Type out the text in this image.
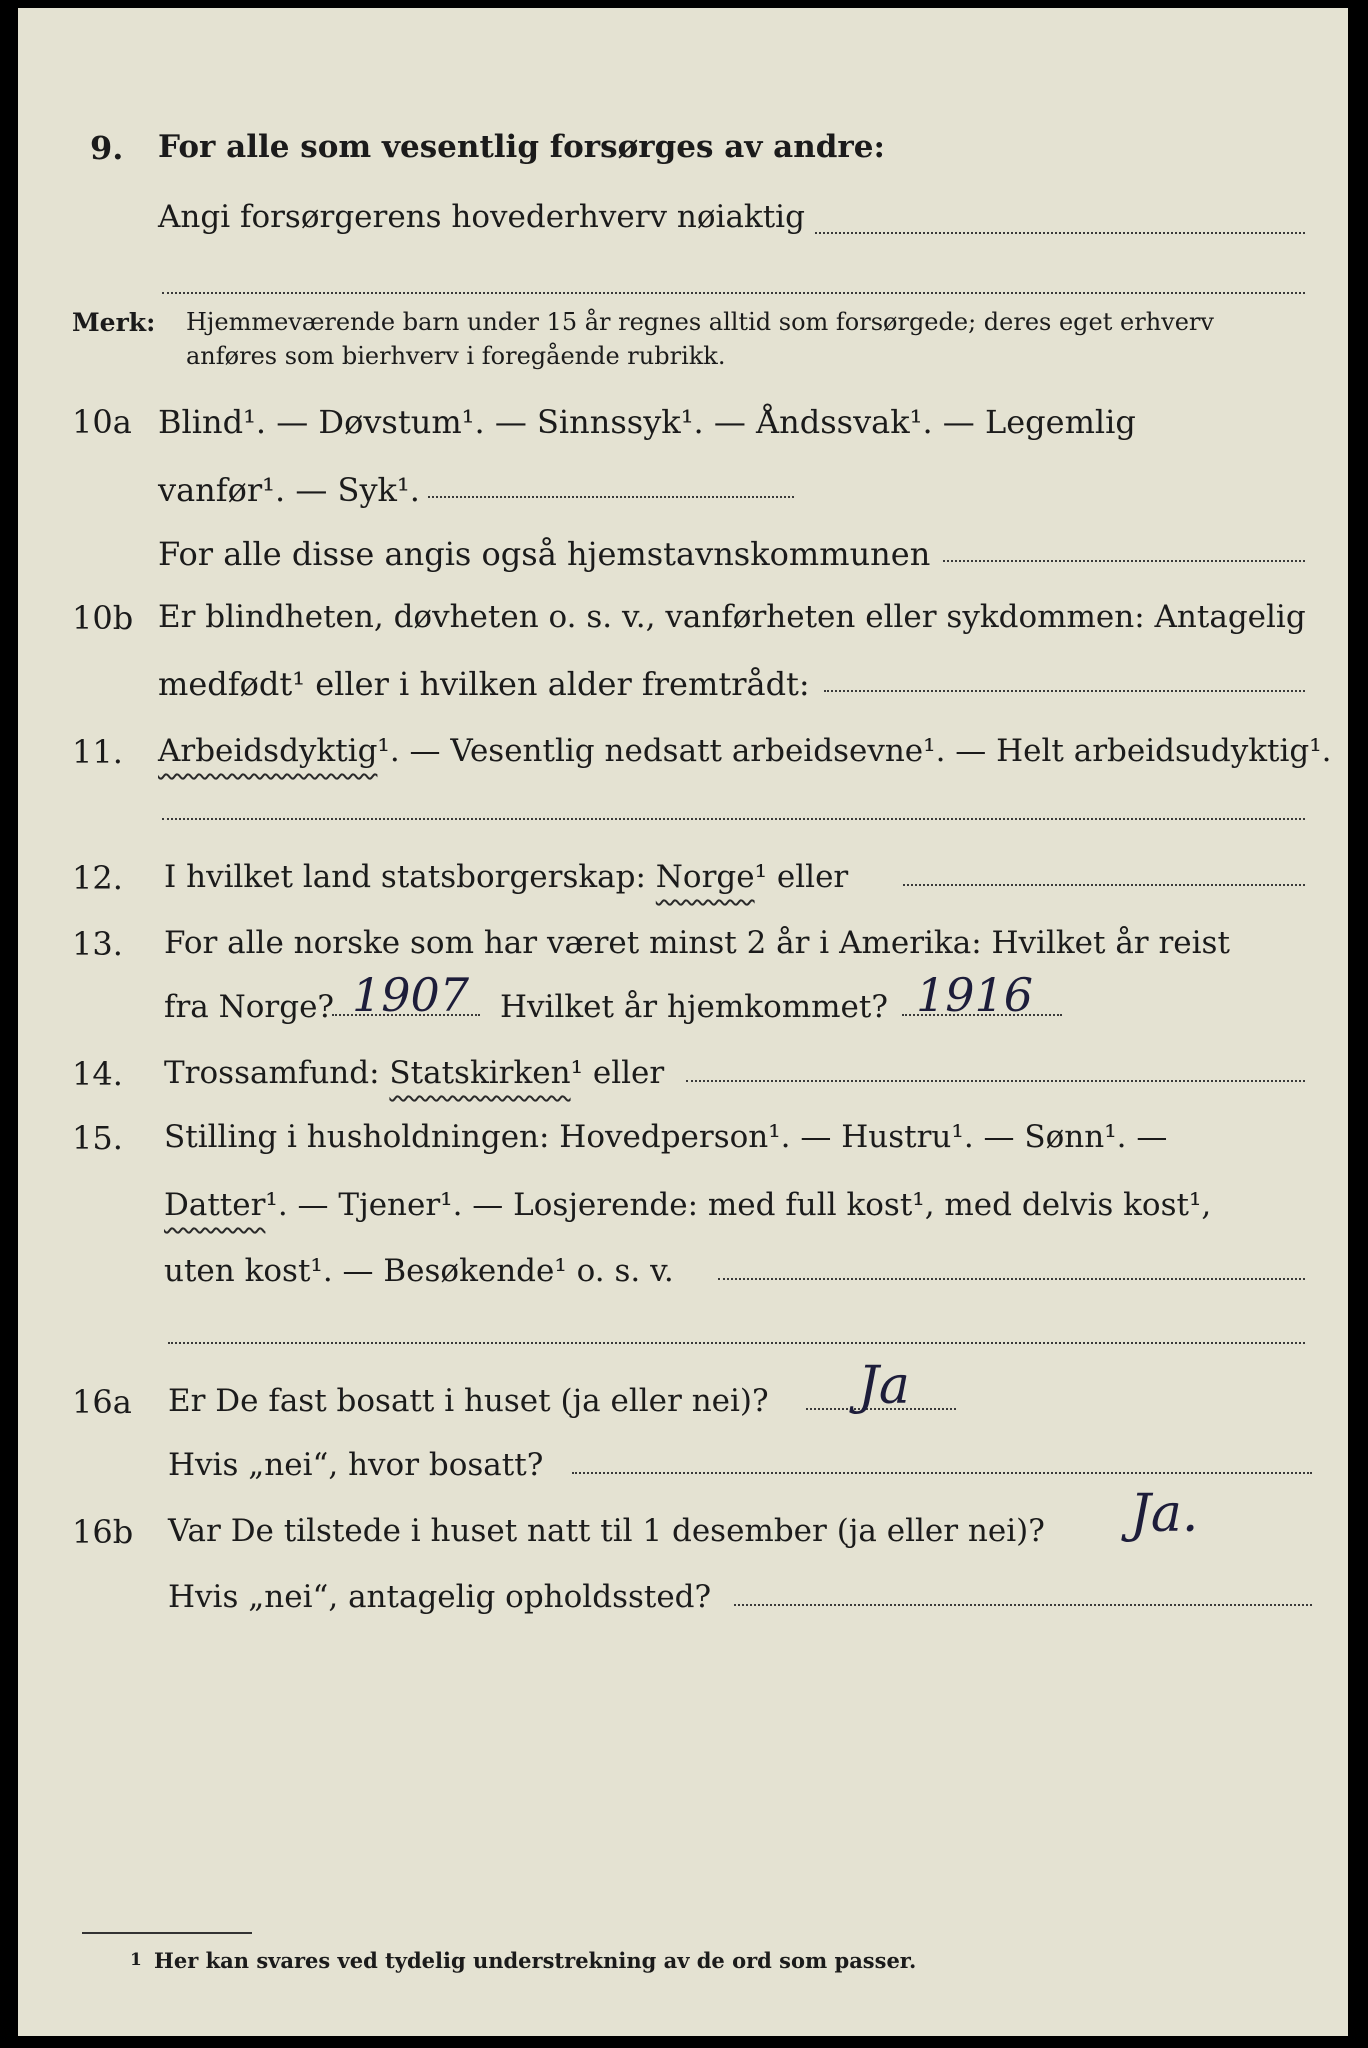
9. For alle som vesentlig forsørges av andre:
Angi forsørgerens hovederhverv nøiaktig
Merk: Hjemmeværende barn under 15 år regnes alltid som forsørgede; deres eget erhverv
anføres som bierhverv i foregående rubrikk.
10a Blind¹. — Døvstum¹. — Sinnssyk¹. — Åndssvak¹. — Legemlig
vanfør¹. — Syk¹.
For alle disse angis også hjemstavnskommunen
10b Er blindheten, døvheten o. s. v., vanførheten eller sykdommen: Antagelig
medfødt¹ eller i hvilken alder fremtrådt:
11. Arbeidsdyktig¹. — Vesentlig nedsatt arbeidsevne¹. — Helt arbeidsudyktig¹.
12. I hvilket land statsborgerskap: Norge¹ eller
13. For alle norske som har været minst 2 år i Amerika: Hvilket år reist
fra Norge? 1907 Hvilket år hjemkommet? 1916
14. Trossamfund: Statskirken¹ eller
15. Stilling i husholdningen: Hovedperson¹. — Hustru¹. — Sønn¹. —
Datter¹. — Tjener¹. — Losjerende: med full kost¹, med delvis kost¹,
uten kost¹. — Besøkende¹ o. s. v.
16a Er De fast bosatt i huset (ja eller nei)? Ja
Hvis „nei“, hvor bosatt?
16b Var De tilstede i huset natt til 1 desember (ja eller nei)? Ja.
Hvis „nei“, antagelig opholdssted?
1 Her kan svares ved tydelig understrekning av de ord som passer.
